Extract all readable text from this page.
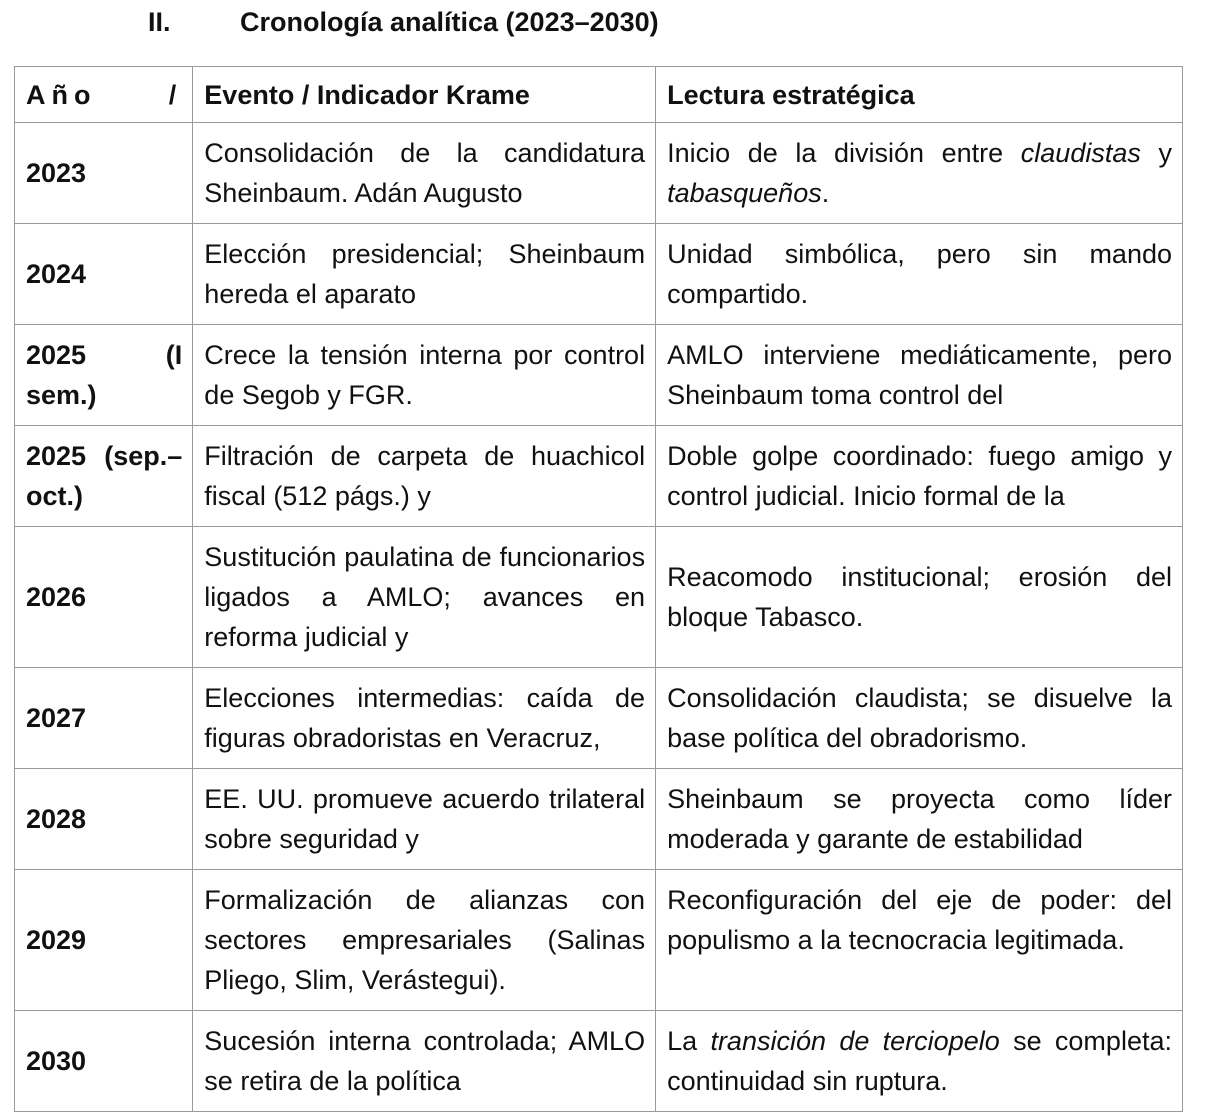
II.	Cronología analítica (2023–2030)
Año /	Evento / Indicador Krame	Lectura estratégica
2023	Consolidación de la candidatura Sheinbaum. Adán Augusto	Inicio de la división entre claudistas y tabasqueños.

2024	Elección presidencial; Sheinbaum hereda el aparato	Unidad simbólica, pero sin mando compartido.

2025 (I sem.)	Crece la tensión interna por control de Segob y FGR.	AMLO interviene mediáticamente, pero Sheinbaum toma control del

2025 (sep.–oct.)	Filtración de carpeta de huachicol fiscal (512 págs.) y	Doble golpe coordinado: fuego amigo y control judicial. Inicio formal de la

2026	Sustitución paulatina de funcionarios ligados a AMLO; avances en reforma judicial y	Reacomodo institucional; erosión del bloque Tabasco.

2027	Elecciones intermedias: caída de figuras obradoristas en Veracruz,	Consolidación claudista; se disuelve la base política del obradorismo.

2028	EE. UU. promueve acuerdo trilateral sobre seguridad y	Sheinbaum se proyecta como líder moderada y garante de estabilidad

2029	Formalización de alianzas con sectores empresariales (Salinas Pliego, Slim, Verástegui).	Reconfiguración del eje de poder: del populismo a la tecnocracia legitimada.

2030	Sucesión interna controlada; AMLO se retira de la política	La transición de terciopelo se completa: continuidad sin ruptura.
